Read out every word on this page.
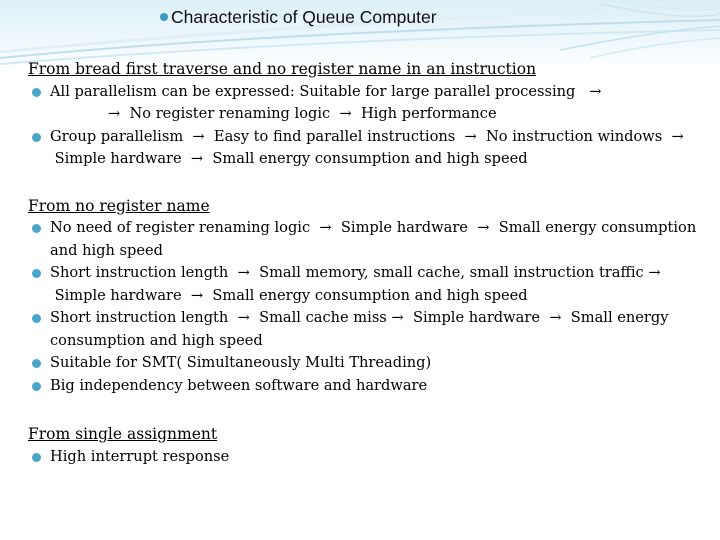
Characteristic of Queue Computer
From bread first traverse and no register name in an instruction
All parallelism can be expressed: Suitable for large parallel processing   →
→  No register renaming logic  →  High performance
Group parallelism  →  Easy to find parallel instructions  →  No instruction windows  →  Simple hardware  →  Small energy consumption and high speed
From no register name
No need of register renaming logic  →  Simple hardware  →  Small energy consumption and high speed
Short instruction length  →  Small memory, small cache, small instruction traffic →  Simple hardware  →  Small energy consumption and high speed
Short instruction length  →  Small cache miss →  Simple hardware  →  Small energy consumption and high speed
Suitable for SMT( Simultaneously Multi Threading)
Big independency between software and hardware
From single assignment
High interrupt response
